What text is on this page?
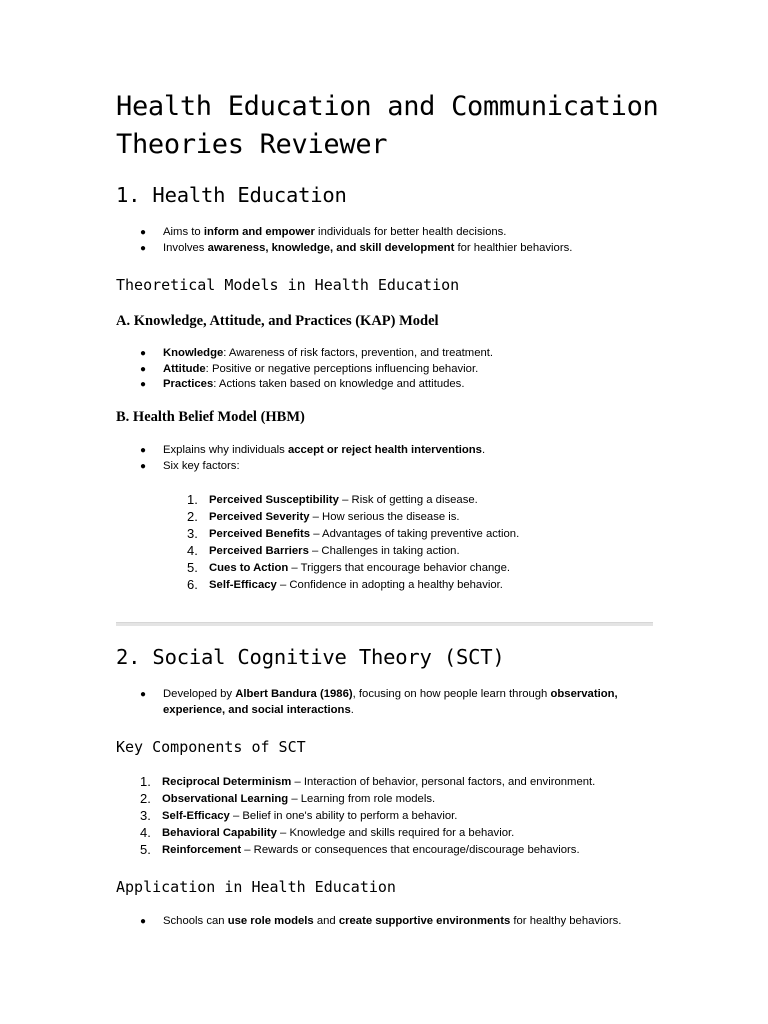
Health Education and Communication Theories Reviewer
1. Health Education
● Aims to inform and empower individuals for better health decisions.
● Involves awareness, knowledge, and skill development for healthier behaviors.
Theoretical Models in Health Education
A. Knowledge, Attitude, and Practices (KAP) Model
● Knowledge: Awareness of risk factors, prevention, and treatment.
● Attitude: Positive or negative perceptions influencing behavior.
● Practices: Actions taken based on knowledge and attitudes.
B. Health Belief Model (HBM)
● Explains why individuals accept or reject health interventions.
● Six key factors:
1. Perceived Susceptibility – Risk of getting a disease.
2. Perceived Severity – How serious the disease is.
3. Perceived Benefits – Advantages of taking preventive action.
4. Perceived Barriers – Challenges in taking action.
5. Cues to Action – Triggers that encourage behavior change.
6. Self-Efficacy – Confidence in adopting a healthy behavior.
2. Social Cognitive Theory (SCT)
● Developed by Albert Bandura (1986), focusing on how people learn through observation, experience, and social interactions.
Key Components of SCT
1. Reciprocal Determinism – Interaction of behavior, personal factors, and environment.
2. Observational Learning – Learning from role models.
3. Self-Efficacy – Belief in one's ability to perform a behavior.
4. Behavioral Capability – Knowledge and skills required for a behavior.
5. Reinforcement – Rewards or consequences that encourage/discourage behaviors.
Application in Health Education
● Schools can use role models and create supportive environments for healthy behaviors.
